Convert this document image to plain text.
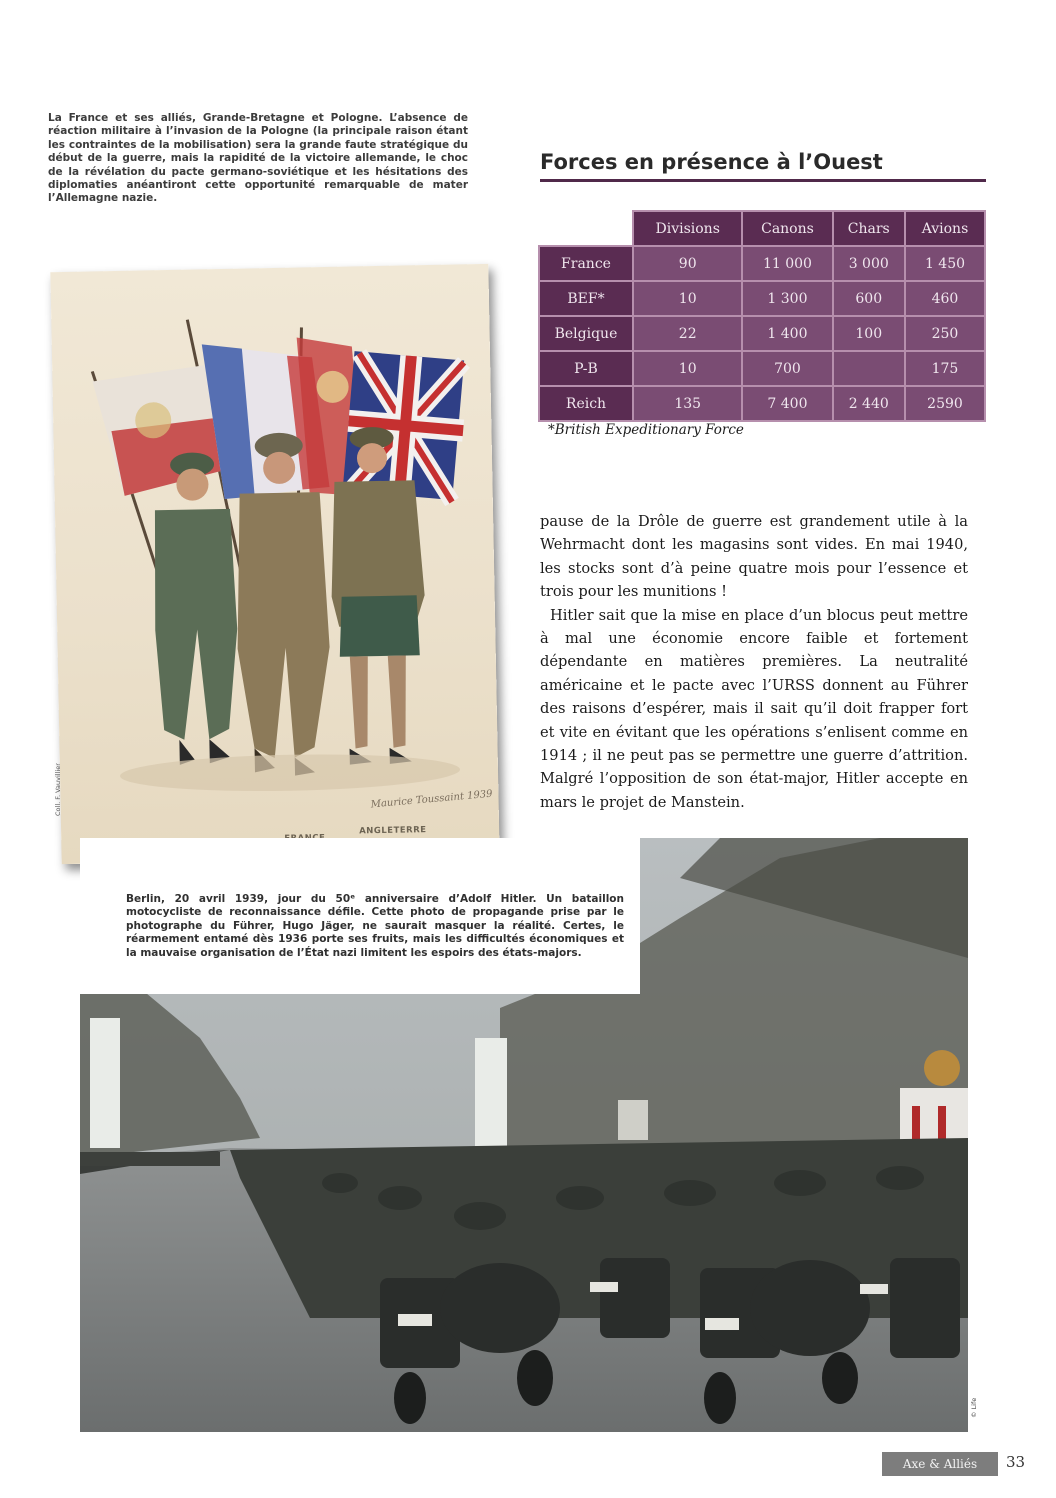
La France et ses alliés, Grande-Bretagne et Pologne. L’absence de réaction militaire à l’invasion de la Pologne (la principale raison étant les contraintes de la mobilisation) sera la grande faute stratégique du début de la guerre, mais la rapidité de la victoire allemande, le choc de la révélation du pacte germano-soviétique et les hésitations des diplomaties anéantiront cette opportunité remarquable de mater l’Allemagne nazie.
ANGLETERRE
Maurice Toussaint 1939
Coll. F. Vauvillier
Forces en présence à l’Ouest
	Divisions	Canons	Chars	Avions
France	90	11 000	3 000	1 450
BEF*	10	1 300	600	460
Belgique	22	1 400	100	250
P-B	10	700		175
Reich	135	7 400	2 440	2590
*British Expeditionary Force

pause de la Drôle de guerre est grandement utile à la Wehrmacht dont les magasins sont vides. En mai 1940, les stocks sont d’à peine quatre mois pour l’essence et trois pour les munitions !

Hitler sait que la mise en place d’un blocus peut mettre à mal une économie encore faible et fortement dépendante en matières premières. La neutralité américaine et le pacte avec l’URSS donnent au Führer des raisons d’espérer, mais il sait qu’il doit frapper fort et vite en évitant que les opérations s’enlisent comme en 1914 ; il ne peut pas se permettre une guerre d’attrition. Malgré l’opposition de son état-major, Hitler accepte en mars le projet de Manstein.

Berlin, 20 avril 1939, jour du 50ᵉ anniversaire d’Adolf Hitler. Un bataillon motocycliste de reconnaissance défile. Cette photo de propagande prise par le photographe du Führer, Hugo Jäger, ne saurait masquer la réalité. Certes, le réarmement entamé dès 1936 porte ses fruits, mais les difficultés économiques et la mauvaise organisation de l’État nazi limitent les espoirs des états-majors.
© Life
Axe & Alliés	33
